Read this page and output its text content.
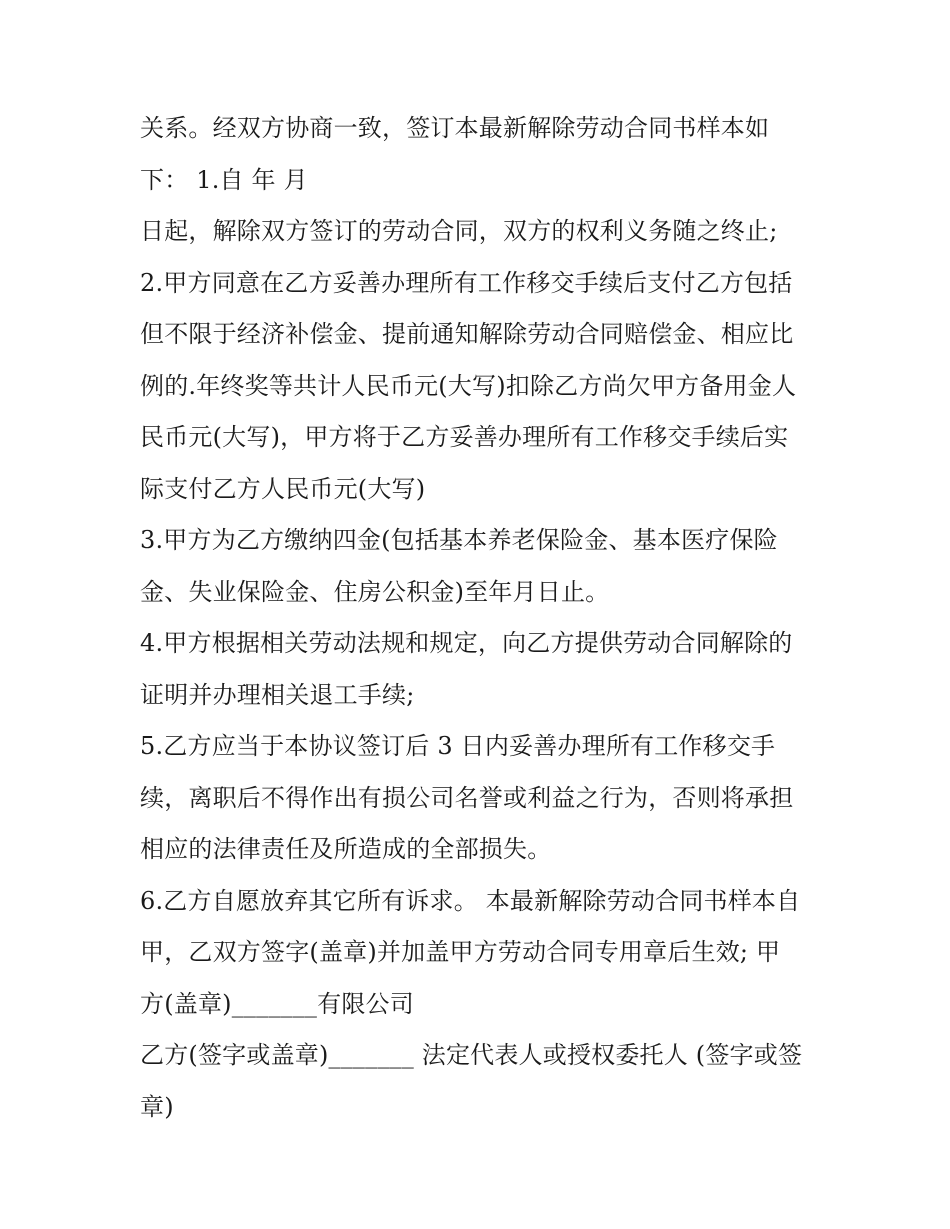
关系。经双方协商一致，签订本最新解除劳动合同书样本如
下： 1.自 年 月
日起，解除双方签订的劳动合同，双方的权利义务随之终止;
2.甲方同意在乙方妥善办理所有工作移交手续后支付乙方包括
但不限于经济补偿金、提前通知解除劳动合同赔偿金、相应比
例的.年终奖等共计人民币元(大写)扣除乙方尚欠甲方备用金人
民币元(大写)，甲方将于乙方妥善办理所有工作移交手续后实
际支付乙方人民币元(大写)
3.甲方为乙方缴纳四金(包括基本养老保险金、基本医疗保险
金、失业保险金、住房公积金)至年月日止。
4.甲方根据相关劳动法规和规定，向乙方提供劳动合同解除的
证明并办理相关退工手续;
5.乙方应当于本协议签订后 3 日内妥善办理所有工作移交手
续，离职后不得作出有损公司名誉或利益之行为，否则将承担
相应的法律责任及所造成的全部损失。
6.乙方自愿放弃其它所有诉求。 本最新解除劳动合同书样本自
甲，乙双方签字(盖章)并加盖甲方劳动合同专用章后生效; 甲
方(盖章)_______有限公司
乙方(签字或盖章)_______ 法定代表人或授权委托人 (签字或签
章)
